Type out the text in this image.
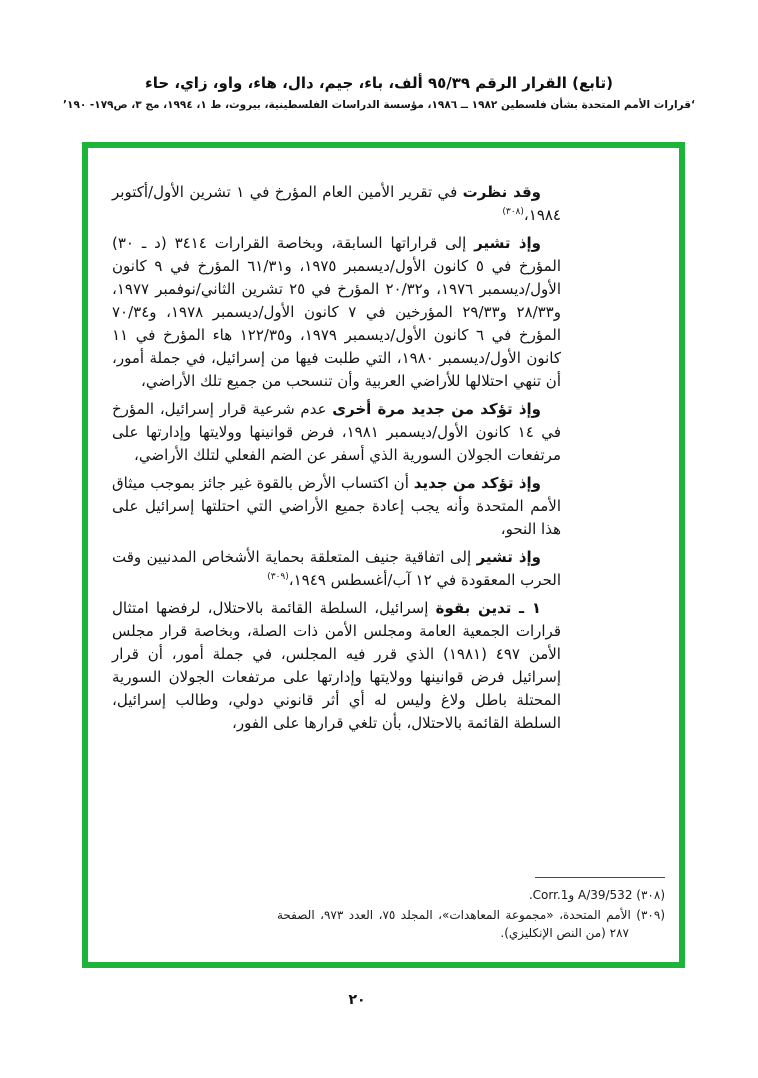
(تابع) القرار الرقم ٩٥/٣٩ ألف، باء، جيم، دال، هاء، واو، زاي، حاء
‘قرارات الأمم المتحدة بشأن فلسطين ١٩٨٢ ــ ١٩٨٦، مؤسسة الدراسات الفلسطينية، بيروت، ط ١، ١٩٩٤، مج ٣، ص١٧٩- ١٩٠’

وقد نظرت في تقرير الأمين العام المؤرخ في ١ تشرين الأول/أكتوبر ١٩٨٤،$^{(٣٠٨)}$

وإذ تشير إلى قراراتها السابقة، وبخاصة القرارات ٣٤١٤ (د ـ ٣٠) المؤرخ في ٥ كانون الأول/ديسمبر ١٩٧٥، و٦١/٣١ المؤرخ في ٩ كانون الأول/ديسمبر ١٩٧٦، و٢٠/٣٢ المؤرخ في ٢٥ تشرين الثاني/نوفمبر ١٩٧٧، و٢٨/٣٣ و٢٩/٣٣ المؤرخين في ٧ كانون الأول/ديسمبر ١٩٧٨، و٧٠/٣٤ المؤرخ في ٦ كانون الأول/ديسمبر ١٩٧٩، و١٢٢/٣٥ هاء المؤرخ في ١١ كانون الأول/ديسمبر ١٩٨٠، التي طلبت فيها من إسرائيل، في جملة أمور، أن تنهي احتلالها للأراضي العربية وأن تنسحب من جميع تلك الأراضي،

وإذ تؤكد من جديد مرة أخرى عدم شرعية قرار إسرائيل، المؤرخ في ١٤ كانون الأول/ديسمبر ١٩٨١، فرض قوانينها وولايتها وإدارتها على مرتفعات الجولان السورية الذي أسفر عن الضم الفعلي لتلك الأراضي،

وإذ تؤكد من جديد أن اكتساب الأرض بالقوة غير جائز بموجب ميثاق الأمم المتحدة وأنه يجب إعادة جميع الأراضي التي احتلتها إسرائيل على هذا النحو،

وإذ تشير إلى اتفاقية جنيف المتعلقة بحماية الأشخاص المدنيين وقت الحرب المعقودة في ١٢ آب/أغسطس ١٩٤٩،$^{(٣٠٩)}$

١ ـ تدين بقوة إسرائيل، السلطة القائمة بالاحتلال، لرفضها امتثال قرارات الجمعية العامة ومجلس الأمن ذات الصلة، وبخاصة قرار مجلس الأمن ٤٩٧ (١٩٨١) الذي قرر فيه المجلس، في جملة أمور، أن قرار إسرائيل فرض قوانينها وولايتها وإدارتها على مرتفعات الجولان السورية المحتلة باطل ولاغ وليس له أي أثر قانوني دولي، وطالب إسرائيل، السلطة القائمة بالاحتلال، بأن تلغي قرارها على الفور،

(٣٠٨) A/39/532 وCorr.1.
(٣٠٩) الأمم المتحدة، «مجموعة المعاهدات»، المجلد ٧٥، العدد ٩٧٣، الصفحة ٢٨٧ (من النص الإنكليزي).
٢٠
